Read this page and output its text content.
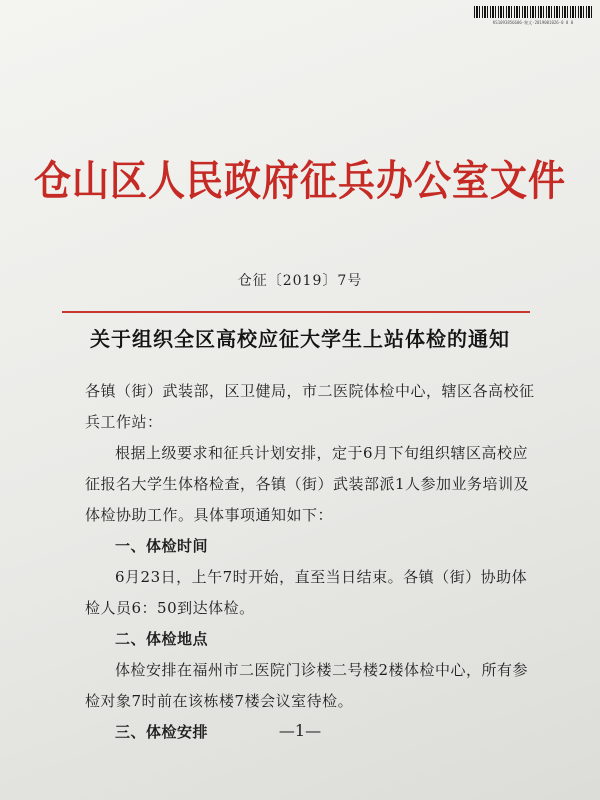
KS1093856606-秘文-2019001026-0 0 0
仓山区人民政府征兵办公室文件
仓征〔2019〕7号
关于组织全区高校应征大学生上站体检的通知

各镇（街）武装部，区卫健局，市二医院体检中心，辖区各高校征兵工作站：

根据上级要求和征兵计划安排，定于6月下旬组织辖区高校应征报名大学生体格检查，各镇（街）武装部派1人参加业务培训及体检协助工作。具体事项通知如下：

一、体检时间

6月23日，上午7时开始，直至当日结束。各镇（街）协助体检人员6：50到达体检。

二、体检地点

体检安排在福州市二医院门诊楼二号楼2楼体检中心，所有参检对象7时前在该栋楼7楼会议室待检。

三、体检安排	—1—
